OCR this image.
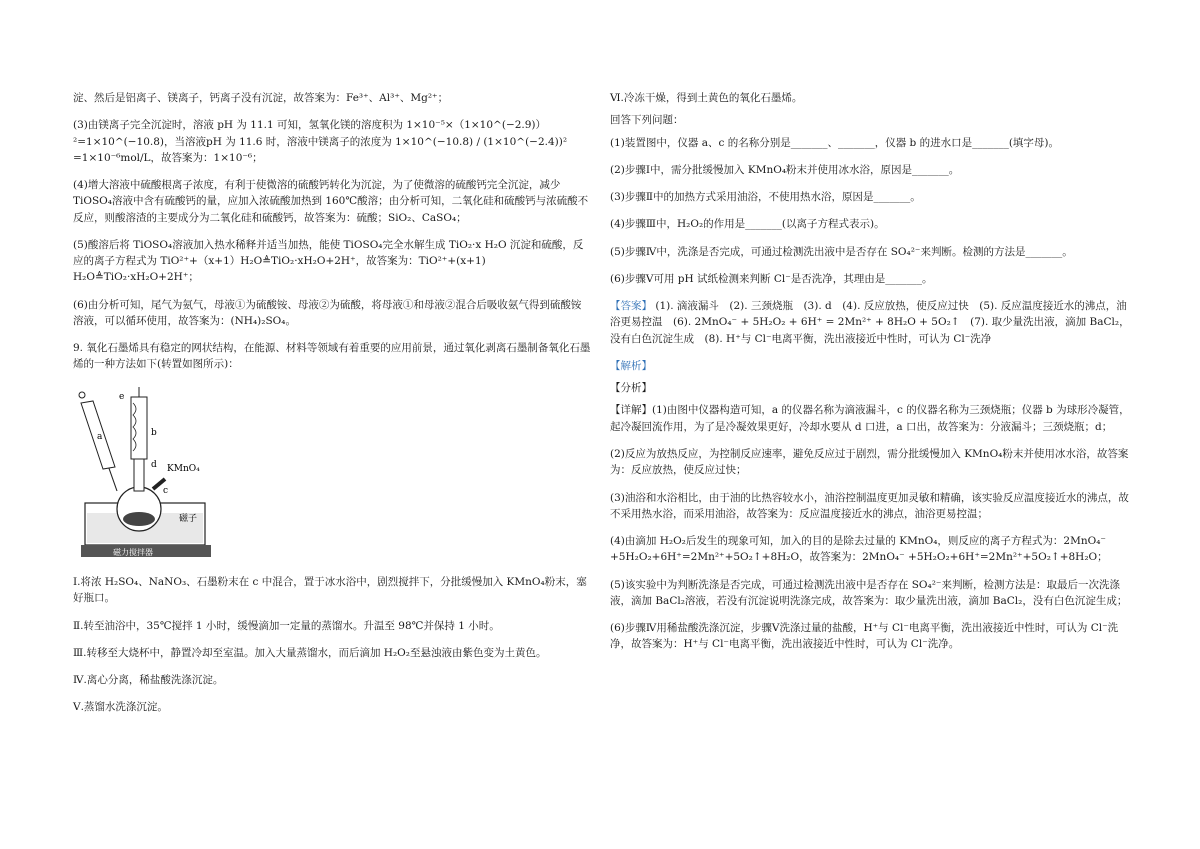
淀、然后是铝离子、镁离子，钙离子没有沉淀，故答案为：Fe³⁺、Al³⁺、Mg²⁺；

(3)由镁离子完全沉淀时，溶液 pH 为 11.1 可知，氢氧化镁的溶度积为 1×10⁻⁵×（1×10^(−2.9)）²=1×10^(−10.8)，当溶液pH 为 11.6 时，溶液中镁离子的浓度为 1×10^(−10.8) / (1×10^(−2.4))² =1×10⁻⁶mol/L，故答案为：1×10⁻⁶；

(4)增大溶液中硫酸根离子浓度，有利于使微溶的硫酸钙转化为沉淀，为了使微溶的硫酸钙完全沉淀，减少 TiOSO₄溶液中含有硫酸钙的量，应加入浓硫酸加热到 160℃酸溶；由分析可知，二氧化硅和硫酸钙与浓硫酸不反应，则酸溶渣的主要成分为二氧化硅和硫酸钙，故答案为：硫酸；SiO₂、CaSO₄；

(5)酸溶后将 TiOSO₄溶液加入热水稀释并适当加热，能使 TiOSO₄完全水解生成 TiO₂·x H₂O 沉淀和硫酸，反应的离子方程式为 TiO²⁺+（x+1）H₂O≜TiO₂·xH₂O+2H⁺，故答案为：TiO²⁺+(x+1) H₂O≜TiO₂·xH₂O+2H⁺；

(6)由分析可知，尾气为氨气，母液①为硫酸铵、母液②为硫酸，将母液①和母液②混合后吸收氨气得到硫酸铵溶液，可以循环使用，故答案为：(NH₄)₂SO₄。

9. 氧化石墨烯具有稳定的网状结构，在能源、材料等领域有着重要的应用前景，通过氧化剥离石墨制备氧化石墨烯的一种方法如下(转置如图所示)：

磁力搅拌器
a	b
c
d
e
KMnO₄
磁子

Ⅰ.将浓 H₂SO₄、NaNO₃、石墨粉末在 c 中混合，置于冰水浴中，剧烈搅拌下，分批缓慢加入 KMnO₄粉末，塞好瓶口。

Ⅱ.转至油浴中，35℃搅拌 1 小时，缓慢滴加一定量的蒸馏水。升温至 98℃并保持 1 小时。

Ⅲ.转移至大烧杯中，静置冷却至室温。加入大量蒸馏水，而后滴加 H₂O₂至悬浊液由紫色变为土黄色。

Ⅳ.离心分离，稀盐酸洗涤沉淀。

Ⅴ.蒸馏水洗涤沉淀。

Ⅵ.冷冻干燥，得到土黄色的氧化石墨烯。

回答下列问题：

(1)装置图中，仪器 a、c 的名称分别是_______、_______，仪器 b 的进水口是_______(填字母)。

(2)步骤Ⅰ中，需分批缓慢加入 KMnO₄粉末并使用冰水浴，原因是_______。

(3)步骤Ⅱ中的加热方式采用油浴，不使用热水浴，原因是_______。

(4)步骤Ⅲ中，H₂O₂的作用是_______(以离子方程式表示)。

(5)步骤Ⅳ中，洗涤是否完成，可通过检测洗出液中是否存在 SO₄²⁻来判断。检测的方法是_______。

(6)步骤Ⅴ可用 pH 试纸检测来判断 Cl⁻是否洗净，其理由是_______。

【答案】 (1). 滴液漏斗　(2). 三颈烧瓶　(3). d　(4). 反应放热，使反应过快　(5). 反应温度接近水的沸点，油浴更易控温　(6). 2MnO₄⁻ + 5H₂O₂ + 6H⁺ = 2Mn²⁺ + 8H₂O + 5O₂↑　(7). 取少量洗出液，滴加 BaCl₂，没有白色沉淀生成　(8). H⁺与 Cl⁻电离平衡，洗出液接近中性时，可认为 Cl⁻洗净

【解析】

【分析】

【详解】(1)由图中仪器构造可知，a 的仪器名称为滴液漏斗，c 的仪器名称为三颈烧瓶；仪器 b 为球形冷凝管，起冷凝回流作用，为了是冷凝效果更好，冷却水要从 d 口进，a 口出，故答案为：分液漏斗；三颈烧瓶；d；

(2)反应为放热反应，为控制反应速率，避免反应过于剧烈，需分批缓慢加入 KMnO₄粉末并使用冰水浴，故答案为：反应放热，使反应过快；

(3)油浴和水浴相比，由于油的比热容较水小，油浴控制温度更加灵敏和精确，该实验反应温度接近水的沸点，故不采用热水浴，而采用油浴，故答案为：反应温度接近水的沸点，油浴更易控温；

(4)由滴加 H₂O₂后发生的现象可知，加入的目的是除去过量的 KMnO₄，则反应的离子方程式为：2MnO₄⁻ +5H₂O₂+6H⁺=2Mn²⁺+5O₂↑+8H₂O，故答案为：2MnO₄⁻ +5H₂O₂+6H⁺=2Mn²⁺+5O₂↑+8H₂O；

(5)该实验中为判断洗涤是否完成，可通过检测洗出液中是否存在 SO₄²⁻来判断，检测方法是：取最后一次洗涤液，滴加 BaCl₂溶液，若没有沉淀说明洗涤完成，故答案为：取少量洗出液，滴加 BaCl₂，没有白色沉淀生成；

(6)步骤Ⅳ用稀盐酸洗涤沉淀，步骤Ⅴ洗涤过量的盐酸，H⁺与 Cl⁻电离平衡，洗出液接近中性时，可认为 Cl⁻洗净，故答案为：H⁺与 Cl⁻电离平衡，洗出液接近中性时，可认为 Cl⁻洗净。
